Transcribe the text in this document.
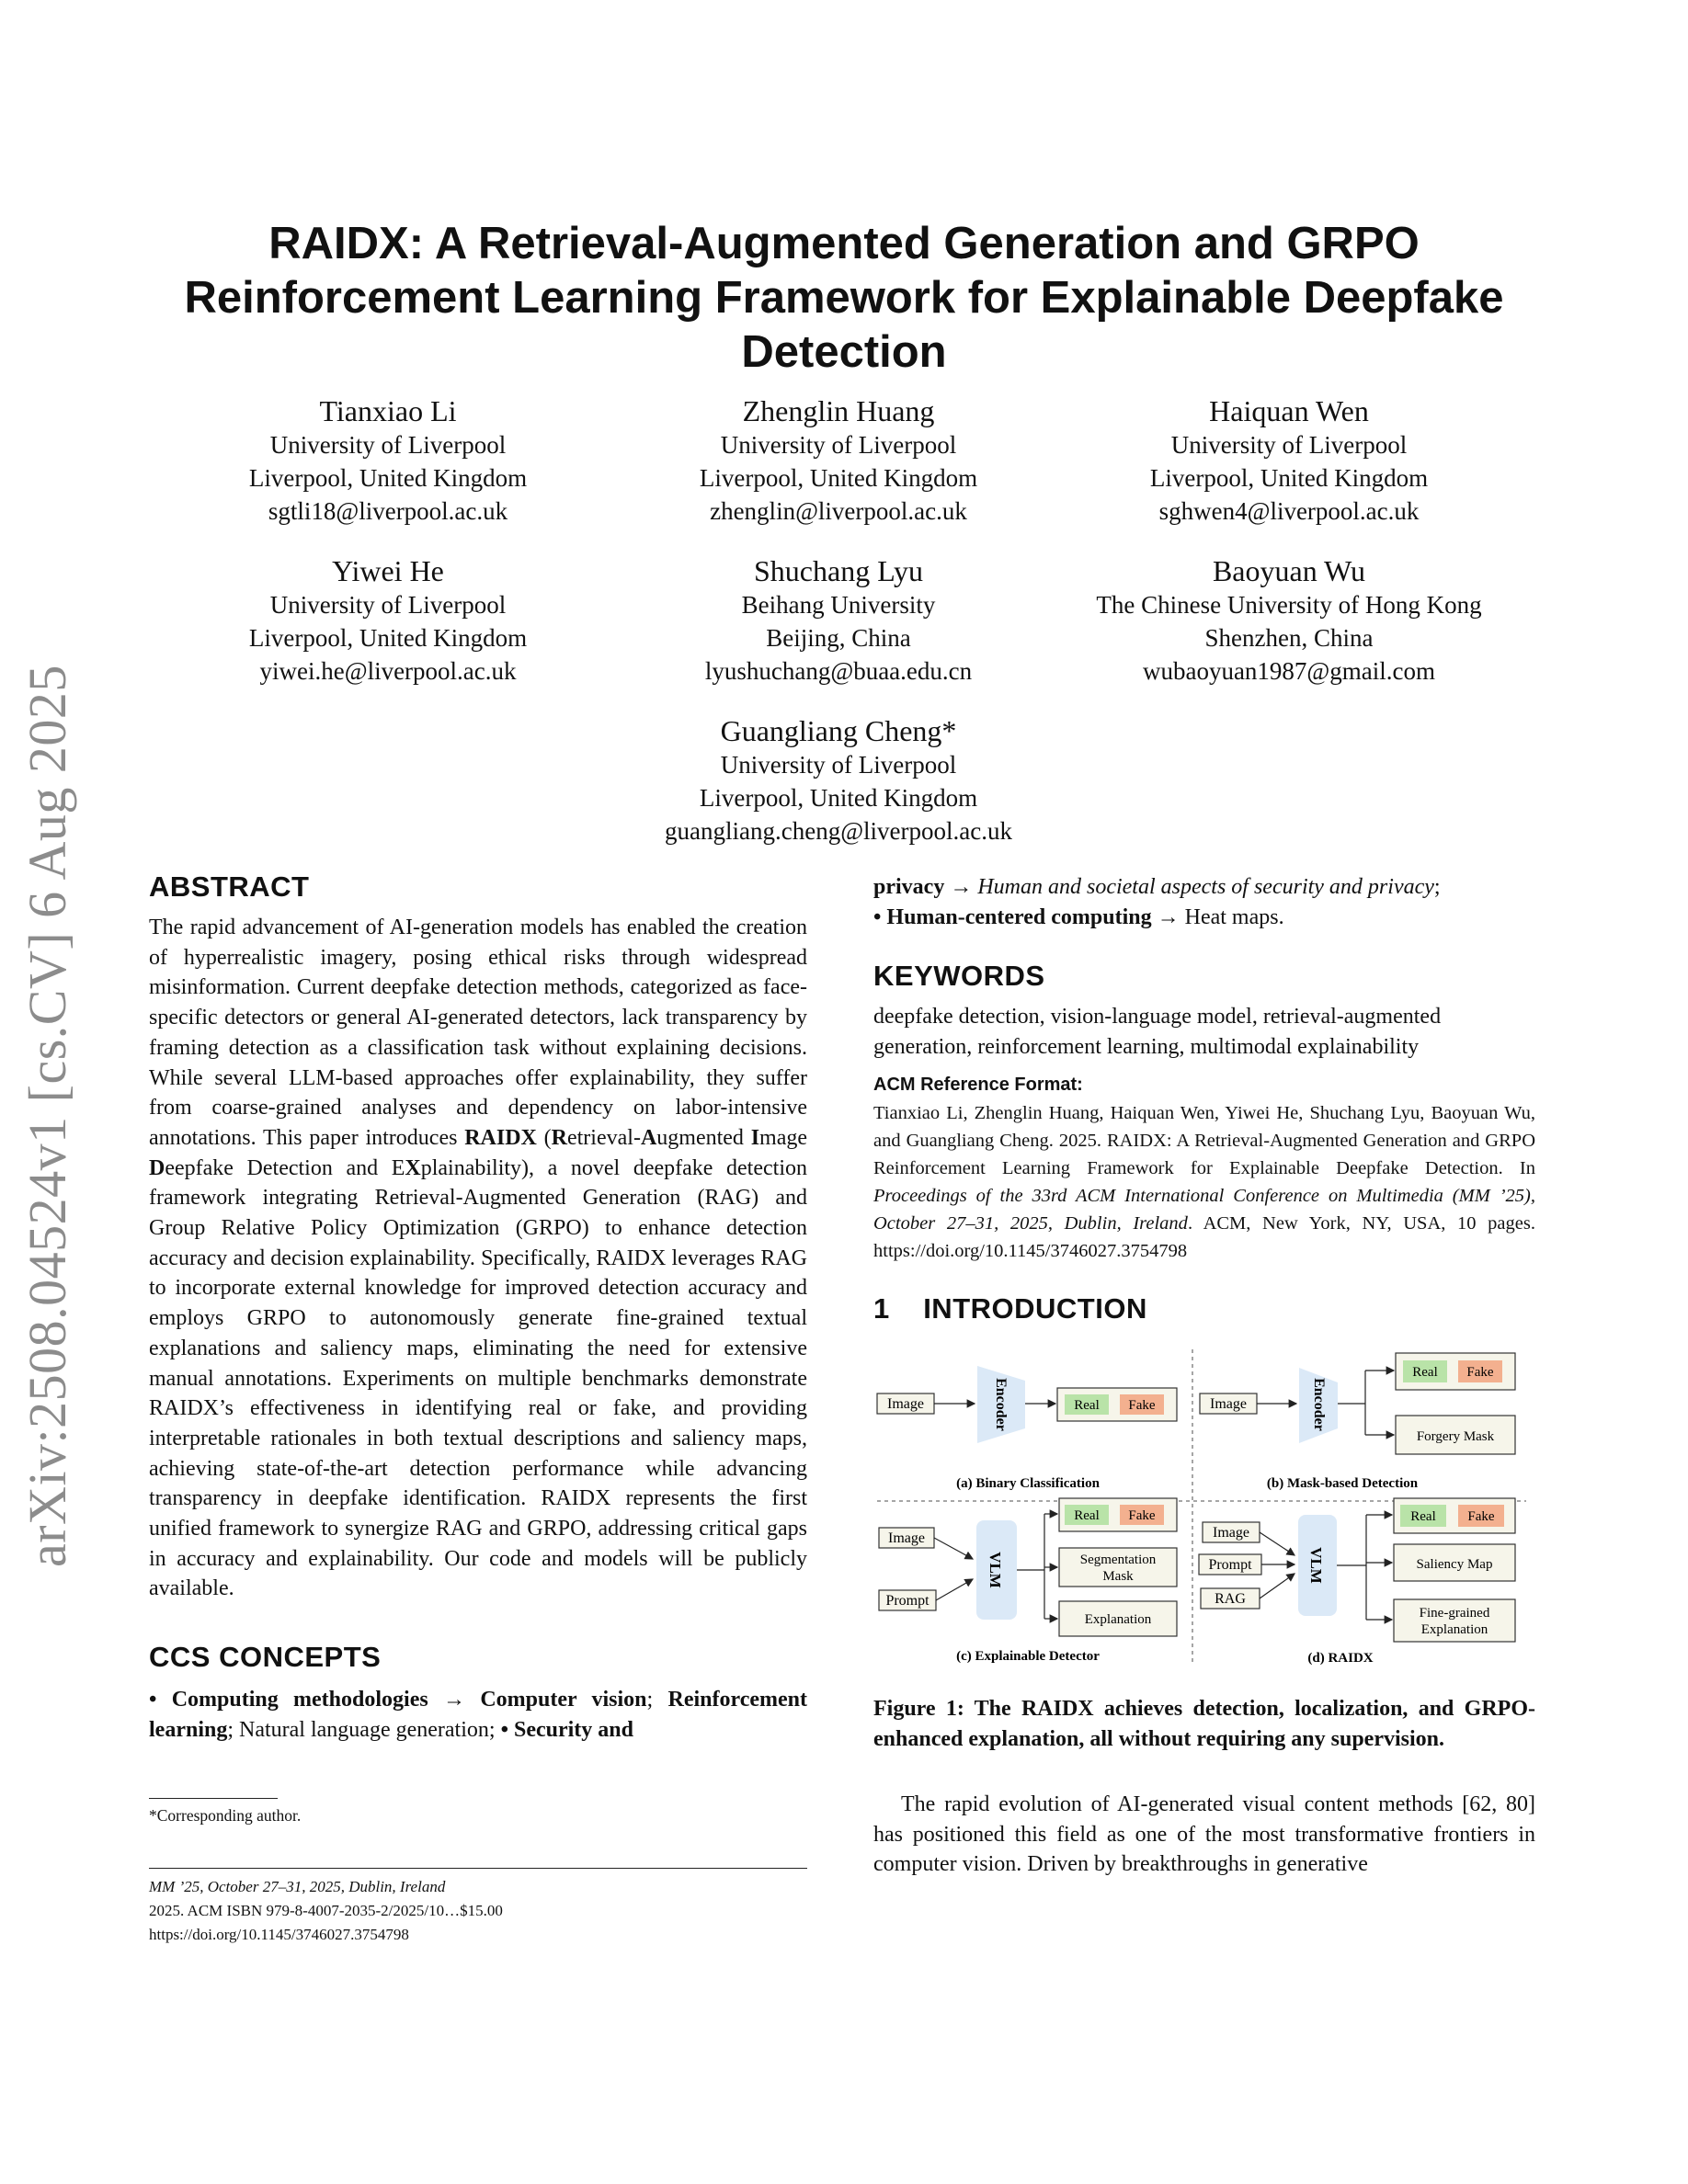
arXiv:2508.04524v1 [cs.CV] 6 Aug 2025
RAIDX: A Retrieval-Augmented Generation and GRPO Reinforcement Learning Framework for Explainable Deepfake Detection
Tianxiao Li
University of Liverpool
Liverpool, United Kingdom
sgtli18@liverpool.ac.uk
Zhenglin Huang
University of Liverpool
Liverpool, United Kingdom
zhenglin@liverpool.ac.uk
Haiquan Wen
University of Liverpool
Liverpool, United Kingdom
sghwen4@liverpool.ac.uk
Yiwei He
University of Liverpool
Liverpool, United Kingdom
yiwei.he@liverpool.ac.uk
Shuchang Lyu
Beihang University
Beijing, China
lyushuchang@buaa.edu.cn
Baoyuan Wu
The Chinese University of Hong Kong
Shenzhen, China
wubaoyuan1987@gmail.com
Guangliang Cheng*
University of Liverpool
Liverpool, United Kingdom
guangliang.cheng@liverpool.ac.uk
ABSTRACT
The rapid advancement of AI-generation models has enabled the creation of hyperrealistic imagery, posing ethical risks through widespread misinformation. Current deepfake detection methods, categorized as face-specific detectors or general AI-generated detectors, lack transparency by framing detection as a classification task without explaining decisions. While several LLM-based approaches offer explainability, they suffer from coarse-grained analyses and dependency on labor-intensive annotations. This paper introduces RAIDX (Retrieval-Augmented Image Deepfake Detection and EXplainability), a novel deepfake detection framework integrating Retrieval-Augmented Generation (RAG) and Group Relative Policy Optimization (GRPO) to enhance detection accuracy and decision explainability. Specifically, RAIDX leverages RAG to incorporate external knowledge for improved detection accuracy and employs GRPO to autonomously generate fine-grained textual explanations and saliency maps, eliminating the need for extensive manual annotations. Experiments on multiple benchmarks demonstrate RAIDX’s effectiveness in identifying real or fake, and providing interpretable rationales in both textual descriptions and saliency maps, achieving state-of-the-art detection performance while advancing transparency in deepfake identification. RAIDX represents the first unified framework to synergize RAG and GRPO, addressing critical gaps in accuracy and explainability. Our code and models will be publicly available.
CCS CONCEPTS
• Computing methodologies → Computer vision; Reinforcement learning; Natural language generation; • Security and
*Corresponding author.
MM ’25, October 27–31, 2025, Dublin, Ireland
2025. ACM ISBN 979-8-4007-2035-2/2025/10…$15.00
https://doi.org/10.1145/3746027.3754798
privacy → Human and societal aspects of security and privacy;
• Human-centered computing → Heat maps.
KEYWORDS
deepfake detection, vision-language model, retrieval-augmented generation, reinforcement learning, multimodal explainability
ACM Reference Format:
Tianxiao Li, Zhenglin Huang, Haiquan Wen, Yiwei He, Shuchang Lyu, Baoyuan Wu, and Guangliang Cheng. 2025. RAIDX: A Retrieval-Augmented Generation and GRPO Reinforcement Learning Framework for Explainable Deepfake Detection. In Proceedings of the 33rd ACM International Conference on Multimedia (MM ’25), October 27–31, 2025, Dublin, Ireland. ACM, New York, NY, USA, 10 pages. https://doi.org/10.1145/3746027.3754798
1    INTRODUCTION
Image	Encoder	Real Fake
(a) Binary Classification
Image	Encoder
Real Fake
Forgery Mask
(b) Mask-based Detection
Image
Prompt
VLM
Real Fake
Segmentation
Mask
Explanation
(c) Explainable Detector
Image
Prompt
RAG
VLM
Real Fake
Saliency Map
Fine-grained
Explanation
(d) RAIDX
Figure 1: The RAIDX achieves detection, localization, and GRPO-enhanced explanation, all without requiring any supervision.
The rapid evolution of AI-generated visual content methods [62, 80] has positioned this field as one of the most transformative frontiers in computer vision. Driven by breakthroughs in generative
